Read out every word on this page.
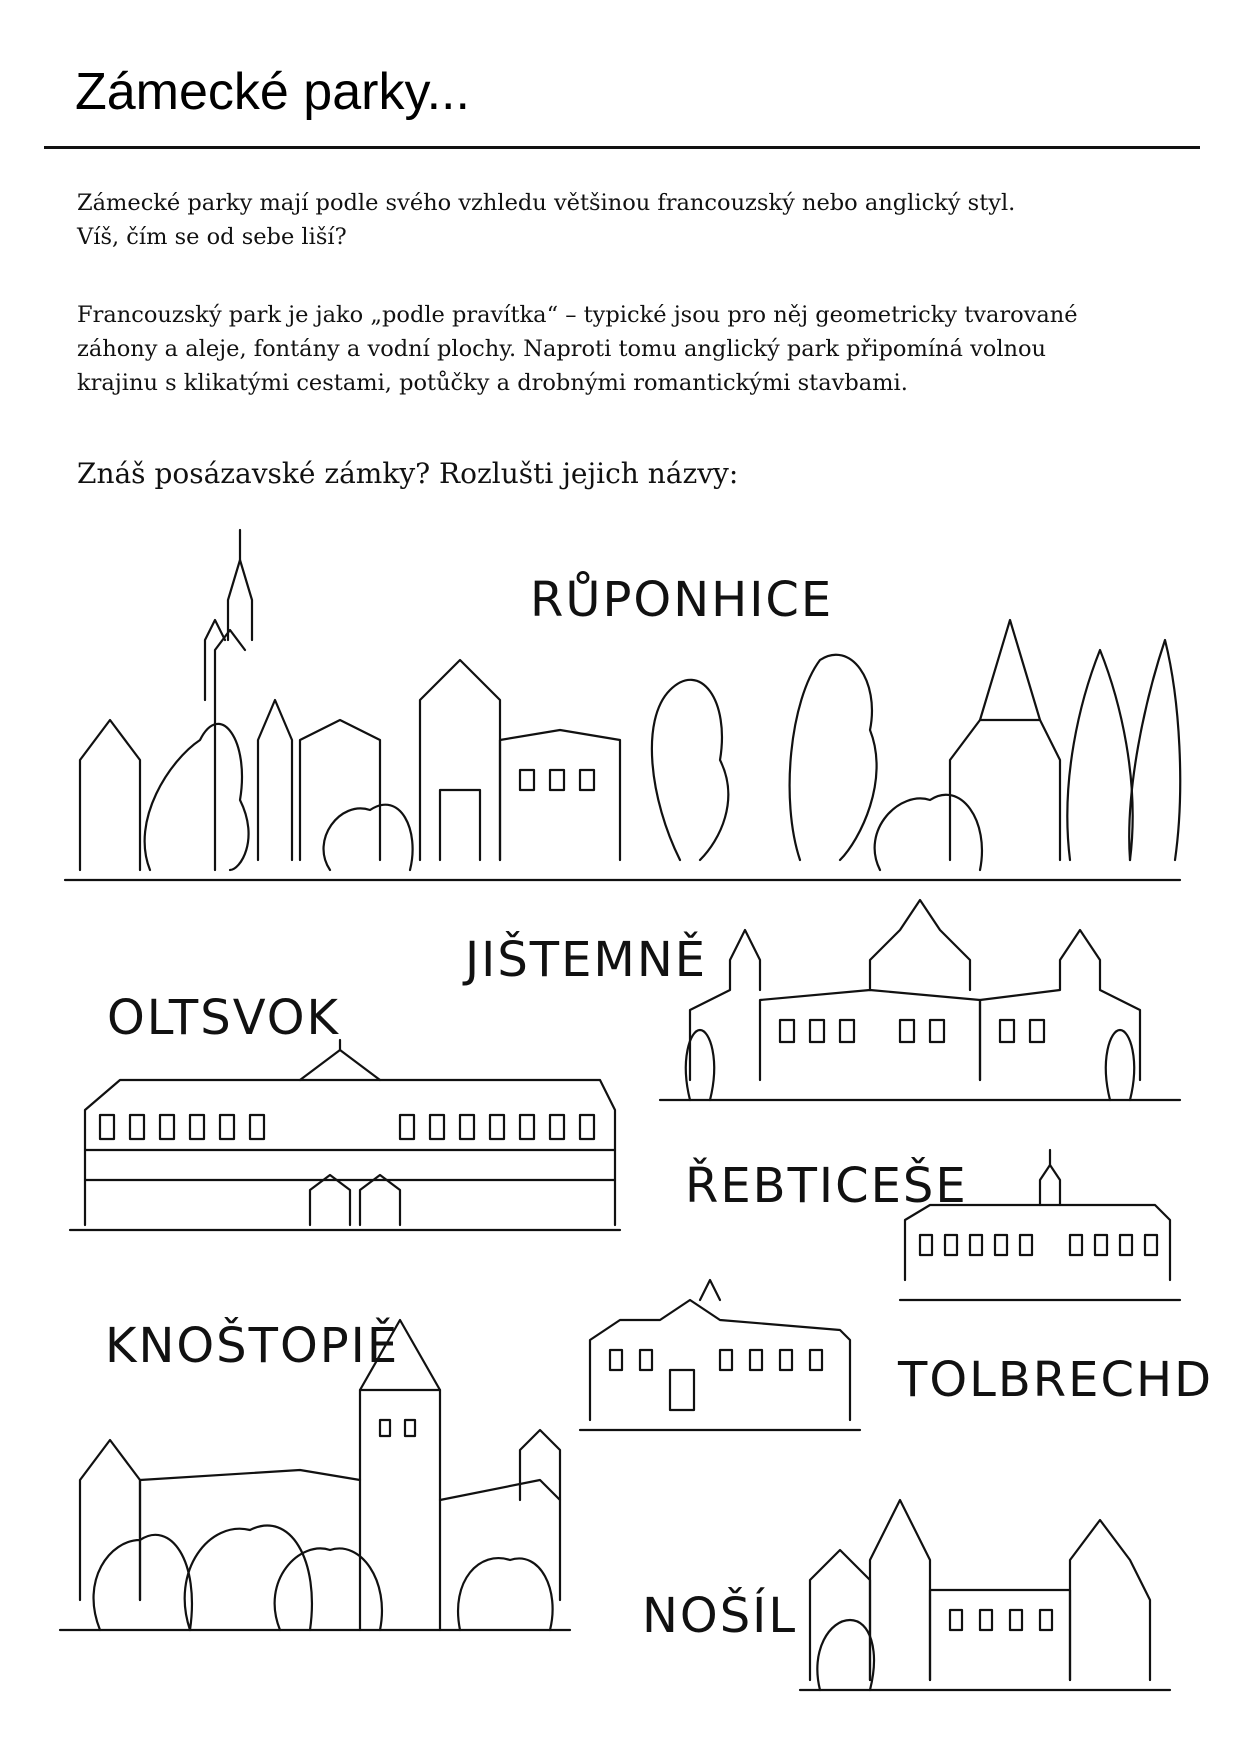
Zámecké parky...
Zámecké parky mají podle svého vzhledu většinou francouzský nebo anglický styl.
Víš, čím se od sebe liší?
Francouzský park je jako „podle pravítka“ – typické jsou pro něj geometricky tvarované
záhony a aleje, fontány a vodní plochy. Naproti tomu anglický park připomíná volnou
krajinu s klikatými cestami, potůčky a drobnými romantickými stavbami.
Znáš posázavské zámky? Rozlušti jejich názvy:
RŮPONHICE
JIŠTEMNĚ
OLTSVOK
ŘEBTICEŠE
KNOŠTOPIĚ
TOLBRECHD
NOŠÍL
